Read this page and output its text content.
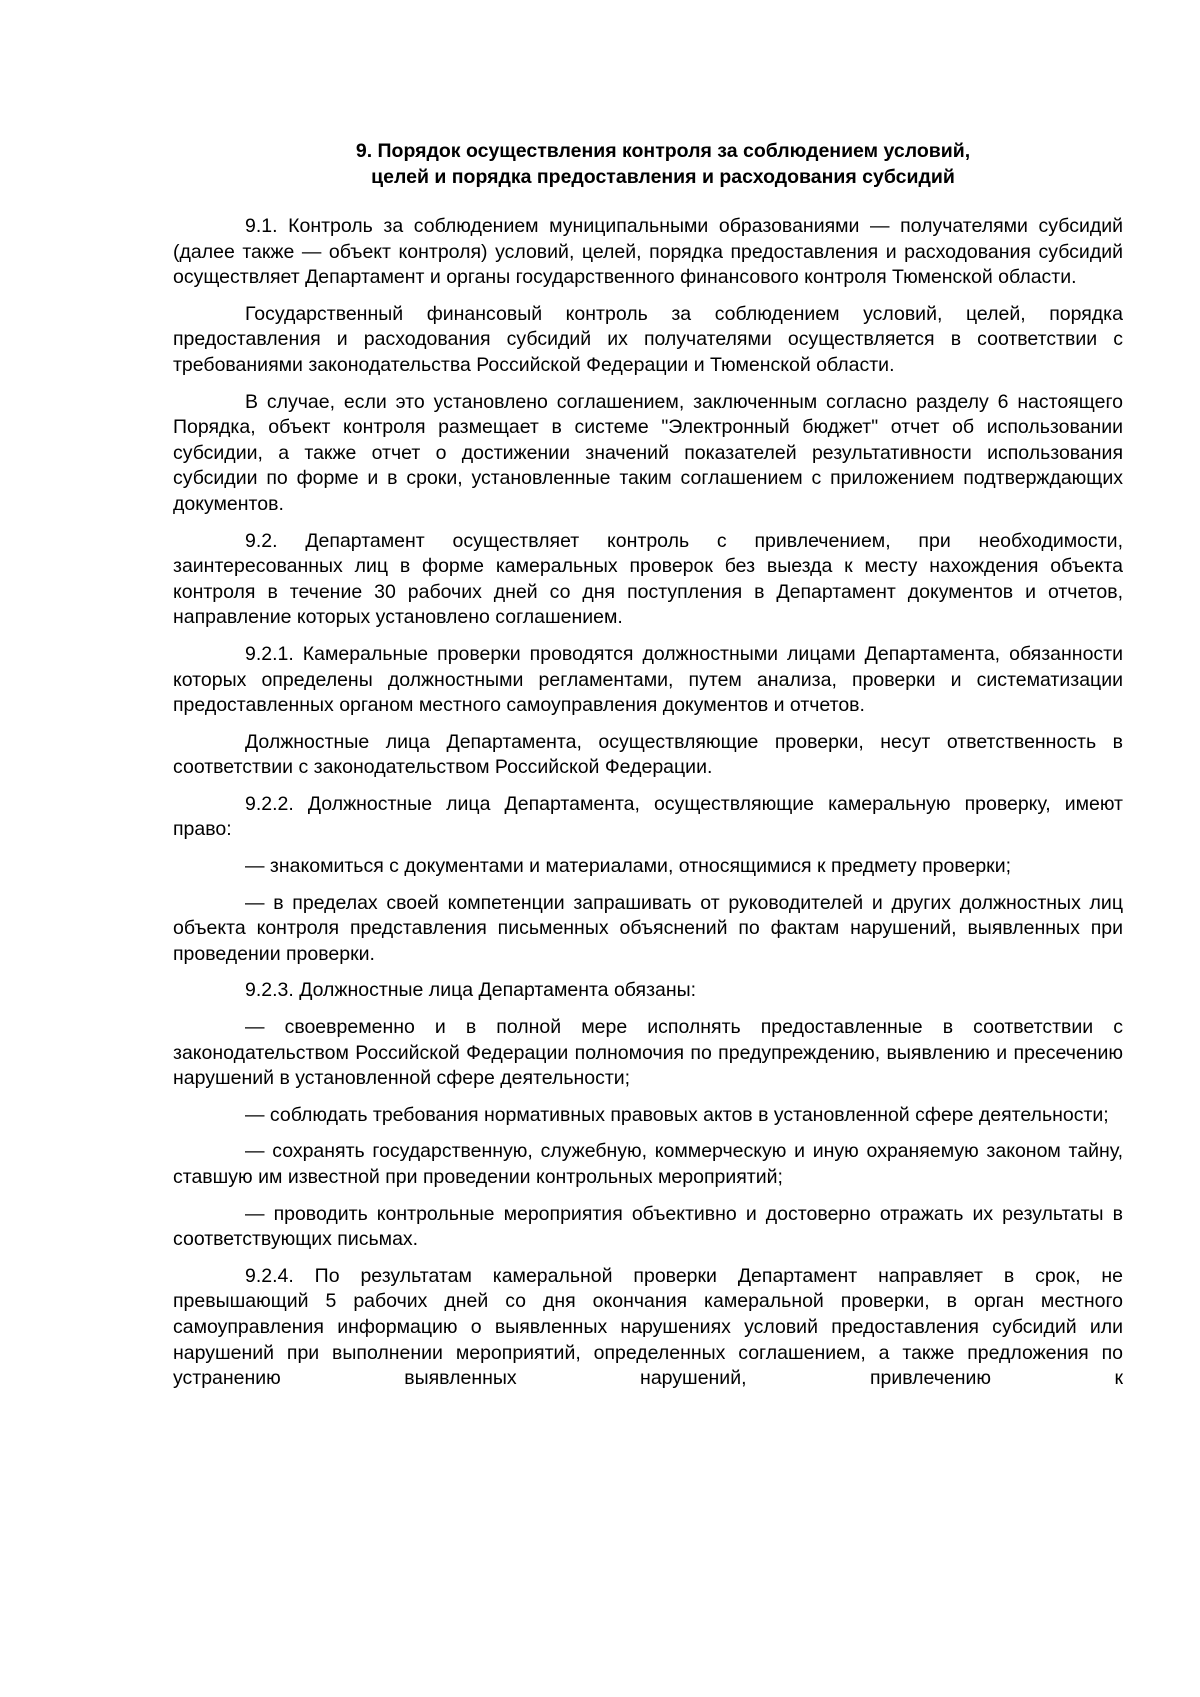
9. Порядок осуществления контроля за соблюдением условий,
целей и порядка предоставления и расходования субсидий

9.1. Контроль за соблюдением муниципальными образованиями — получателями субсидий (далее также — объект контроля) условий, целей, порядка предоставления и расходования субсидий осуществляет Департамент и органы государственного финансового контроля Тюменской области.

Государственный финансовый контроль за соблюдением условий, целей, порядка предоставления и расходования субсидий их получателями осуществляется в соответствии с требованиями законодательства Российской Федерации и Тюменской области.

В случае, если это установлено соглашением, заключенным согласно разделу 6 настоящего Порядка, объект контроля размещает в системе "Электронный бюджет" отчет об использовании субсидии, а также отчет о достижении значений показателей результативности использования субсидии по форме и в сроки, установленные таким соглашением с приложением подтверждающих документов.

9.2. Департамент осуществляет контроль с привлечением, при необходимости, заинтересованных лиц в форме камеральных проверок без выезда к месту нахождения объекта контроля в течение 30 рабочих дней со дня поступления в Департамент документов и отчетов, направление которых установлено соглашением.

9.2.1. Камеральные проверки проводятся должностными лицами Департамента, обязанности которых определены должностными регламентами, путем анализа, проверки и систематизации предоставленных органом местного самоуправления документов и отчетов.

Должностные лица Департамента, осуществляющие проверки, несут ответственность в соответствии с законодательством Российской Федерации.

9.2.2. Должностные лица Департамента, осуществляющие камеральную проверку, имеют право:

— знакомиться с документами и материалами, относящимися к предмету проверки;

— в пределах своей компетенции запрашивать от руководителей и других должностных лиц объекта контроля представления письменных объяснений по фактам нарушений, выявленных при проведении проверки.

9.2.3. Должностные лица Департамента обязаны:

— своевременно и в полной мере исполнять предоставленные в соответствии с законодательством Российской Федерации полномочия по предупреждению, выявлению и пресечению нарушений в установленной сфере деятельности;

— соблюдать требования нормативных правовых актов в установленной сфере деятельности;

— сохранять государственную, служебную, коммерческую и иную охраняемую законом тайну, ставшую им известной при проведении контрольных мероприятий;

— проводить контрольные мероприятия объективно и достоверно отражать их результаты в соответствующих письмах.

9.2.4. По результатам камеральной проверки Департамент направляет в срок, не превышающий 5 рабочих дней со дня окончания камеральной проверки, в орган местного самоуправления информацию о выявленных нарушениях условий предоставления субсидий или нарушений при выполнении мероприятий, определенных соглашением, а также предложения по устранению выявленных нарушений, привлечению к
